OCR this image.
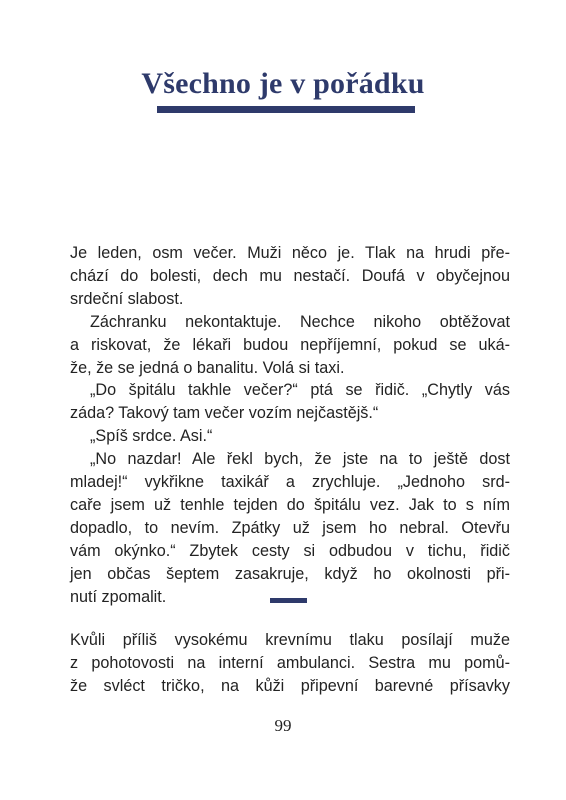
Všechno je v pořádku
Je leden, osm večer. Muži něco je. Tlak na hrudi pře-
chází do bolesti, dech mu nestačí. Doufá v obyčejnou
srdeční slabost.
Záchranku nekontaktuje. Nechce nikoho obtěžovat
a riskovat, že lékaři budou nepříjemní, pokud se uká-
že, že se jedná o banalitu. Volá si taxi.
„Do špitálu takhle večer?“ ptá se řidič. „Chytly vás
záda? Takový tam večer vozím nejčastějš.“
„Spíš srdce. Asi.“
„No nazdar! Ale řekl bych, že jste na to ještě dost
mladej!“ vykřikne taxikář a zrychluje. „Jednoho srd-
caře jsem už tenhle tejden do špitálu vez. Jak to s ním
dopadlo, to nevím. Zpátky už jsem ho nebral. Otevřu
vám okýnko.“ Zbytek cesty si odbudou v tichu, řidič
jen občas šeptem zasakruje, když ho okolnosti při-
nutí zpomalit.
Kvůli příliš vysokému krevnímu tlaku posílají muže
z pohotovosti na interní ambulanci. Sestra mu pomů-
že svléct tričko, na kůži připevní barevné přísavky
99
